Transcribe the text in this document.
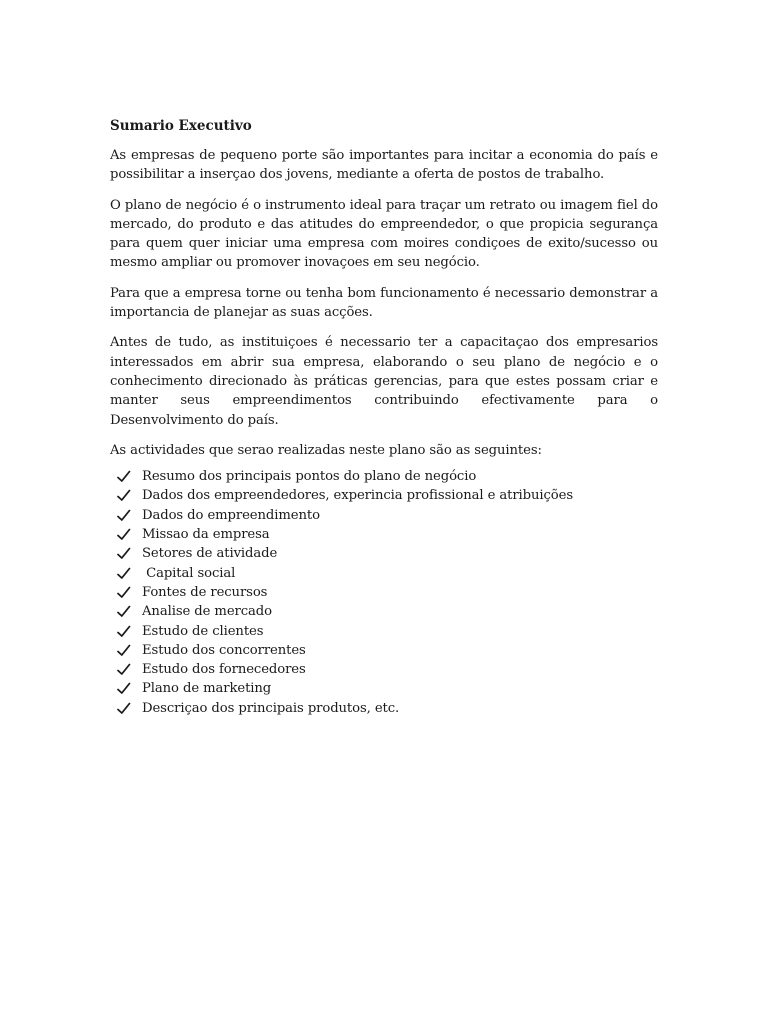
Sumario Executivo

As empresas de pequeno porte são importantes para incitar a economia do país e possibilitar a inserçao dos jovens, mediante a oferta de postos de trabalho.

O plano de negócio é o instrumento ideal para traçar um retrato ou imagem fiel do mercado, do produto e das atitudes do empreendedor, o que propicia segurança para quem quer iniciar uma empresa com moires condiçoes de exito/sucesso ou mesmo ampliar ou promover inovaçoes em seu negócio.

Para que a empresa torne ou tenha bom funcionamento é necessario demonstrar a importancia de planejar as suas acções.

Antes de tudo, as instituiçoes é necessario ter a capacitaçao dos empresarios interessados em abrir sua empresa, elaborando o seu plano de negócio e o conhecimento direcionado às práticas gerencias, para que estes possam criar e manter seus empreendimentos contribuindo efectivamente para o Desenvolvimento do país.

As actividades que serao realizadas neste plano são as seguintes:

Resumo dos principais pontos do plano de negócio
Dados dos empreendedores, experincia profissional e atribuições
Dados do empreendimento
Missao da empresa
Setores de atividade
Capital social
Fontes de recursos
Analise de mercado
Estudo de clientes
Estudo dos concorrentes
Estudo dos fornecedores
Plano de marketing
Descriçao dos principais produtos, etc.
